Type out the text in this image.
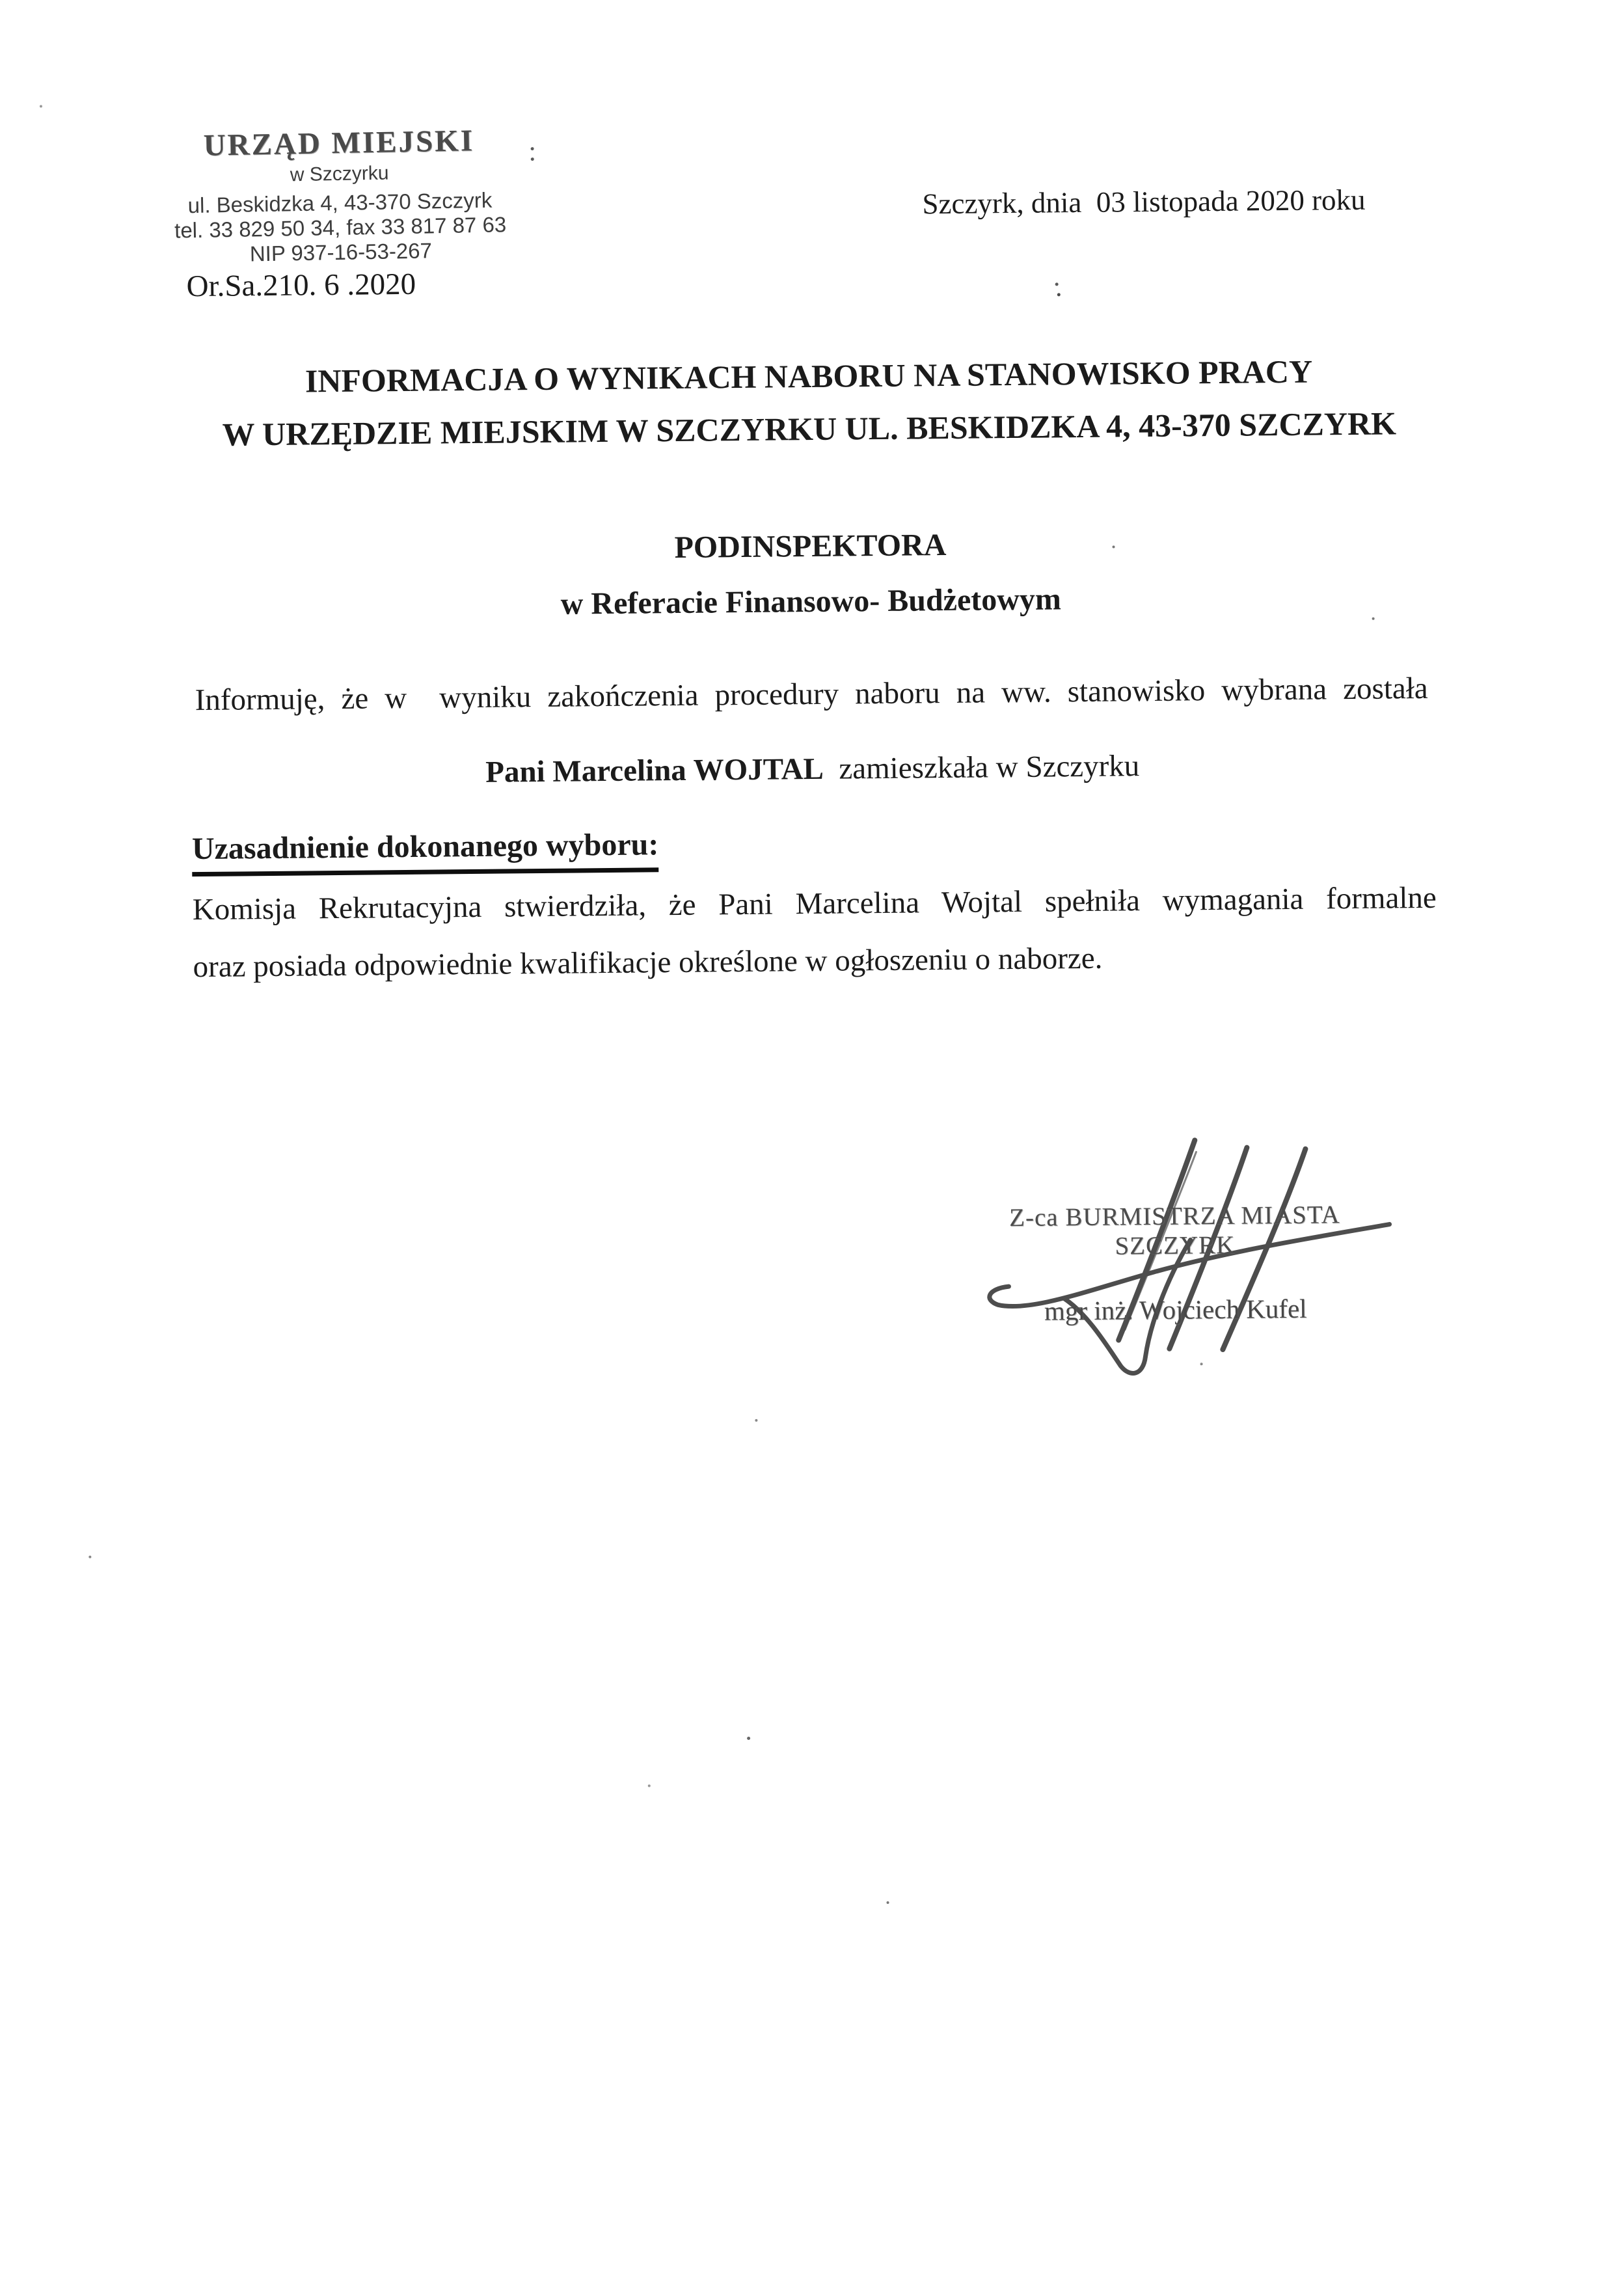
URZĄD MIEJSKI
w Szczyrku
ul. Beskidzka 4, 43-370 Szczyrk
tel. 33 829 50 34, fax 33 817 87 63
NIP 937-16-53-267
Or.Sa.210. 6 .2020
Szczyrk, dnia  03 listopada 2020 roku
INFORMACJA O WYNIKACH NABORU NA STANOWISKO PRACY
W URZĘDZIE MIEJSKIM W SZCZYRKU UL. BESKIDZKA 4, 43-370 SZCZYRK
PODINSPEKTORA
w Referacie Finansowo- Budżetowym
Informuję, że w  wyniku zakończenia procedury naboru na ww. stanowisko wybrana została
Pani Marcelina WOJTAL  zamieszkała w Szczyrku
Uzasadnienie dokonanego wyboru:
Komisja Rekrutacyjna stwierdziła, że Pani Marcelina Wojtal spełniła wymagania formalne
oraz posiada odpowiednie kwalifikacje określone w ogłoszeniu o naborze.
Z-ca BURMISTRZA MIASTA
SZCZYRK
mgr inż. Wojciech Kufel
